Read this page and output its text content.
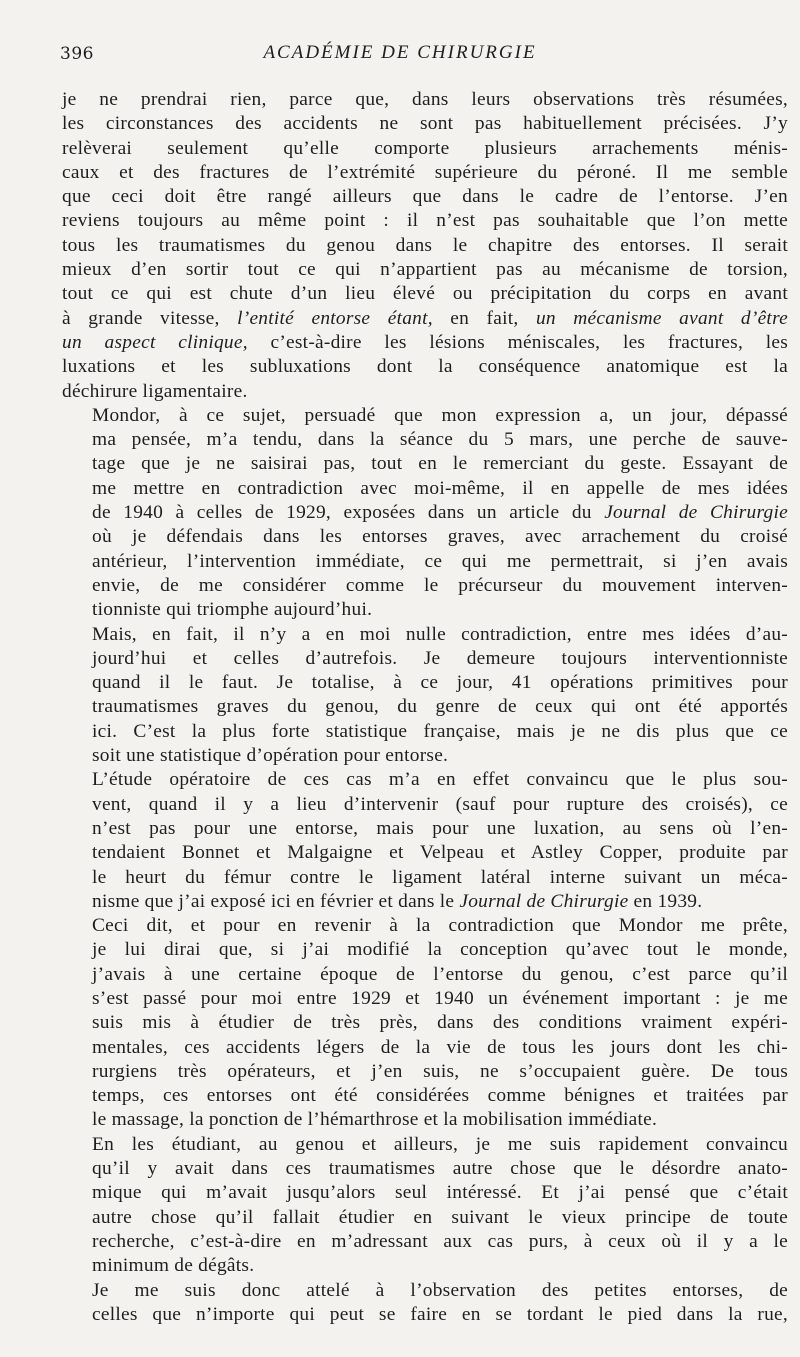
396	ACADÉMIE DE CHIRURGIE
je ne prendrai rien, parce que, dans leurs observations très résumées,
les circonstances des accidents ne sont pas habituellement précisées. J’y
relèverai seulement qu’elle comporte plusieurs arrachements ménis-
caux et des fractures de l’extrémité supérieure du péroné. Il me semble
que ceci doit être rangé ailleurs que dans le cadre de l’entorse. J’en
reviens toujours au même point : il n’est pas souhaitable que l’on mette
tous les traumatismes du genou dans le chapitre des entorses. Il serait
mieux d’en sortir tout ce qui n’appartient pas au mécanisme de torsion,
tout ce qui est chute d’un lieu élevé ou précipitation du corps en avant
à grande vitesse, l’entité entorse étant, en fait, un mécanisme avant d’être
un aspect clinique, c’est-à-dire les lésions méniscales, les fractures, les
luxations et les subluxations dont la conséquence anatomique est la
déchirure ligamentaire.
Mondor, à ce sujet, persuadé que mon expression a, un jour, dépassé
ma pensée, m’a tendu, dans la séance du 5 mars, une perche de sauve-
tage que je ne saisirai pas, tout en le remerciant du geste. Essayant de
me mettre en contradiction avec moi-même, il en appelle de mes idées
de 1940 à celles de 1929, exposées dans un article du Journal de Chirurgie
où je défendais dans les entorses graves, avec arrachement du croisé
antérieur, l’intervention immédiate, ce qui me permettrait, si j’en avais
envie, de me considérer comme le précurseur du mouvement interven-
tionniste qui triomphe aujourd’hui.
Mais, en fait, il n’y a en moi nulle contradiction, entre mes idées d’au-
jourd’hui et celles d’autrefois. Je demeure toujours interventionniste
quand il le faut. Je totalise, à ce jour, 41 opérations primitives pour
traumatismes graves du genou, du genre de ceux qui ont été apportés
ici. C’est la plus forte statistique française, mais je ne dis plus que ce
soit une statistique d’opération pour entorse.
L’étude opératoire de ces cas m’a en effet convaincu que le plus sou-
vent, quand il y a lieu d’intervenir (sauf pour rupture des croisés), ce
n’est pas pour une entorse, mais pour une luxation, au sens où l’en-
tendaient Bonnet et Malgaigne et Velpeau et Astley Copper, produite par
le heurt du fémur contre le ligament latéral interne suivant un méca-
nisme que j’ai exposé ici en février et dans le Journal de Chirurgie en 1939.
Ceci dit, et pour en revenir à la contradiction que Mondor me prête,
je lui dirai que, si j’ai modifié la conception qu’avec tout le monde,
j’avais à une certaine époque de l’entorse du genou, c’est parce qu’il
s’est passé pour moi entre 1929 et 1940 un événement important : je me
suis mis à étudier de très près, dans des conditions vraiment expéri-
mentales, ces accidents légers de la vie de tous les jours dont les chi-
rurgiens très opérateurs, et j’en suis, ne s’occupaient guère. De tous
temps, ces entorses ont été considérées comme bénignes et traitées par
le massage, la ponction de l’hémarthrose et la mobilisation immédiate.
En les étudiant, au genou et ailleurs, je me suis rapidement convaincu
qu’il y avait dans ces traumatismes autre chose que le désordre anato-
mique qui m’avait jusqu’alors seul intéressé. Et j’ai pensé que c’était
autre chose qu’il fallait étudier en suivant le vieux principe de toute
recherche, c’est-à-dire en m’adressant aux cas purs, à ceux où il y a le
minimum de dégâts.
Je me suis donc attelé à l’observation des petites entorses, de
celles que n’importe qui peut se faire en se tordant le pied dans la rue,
